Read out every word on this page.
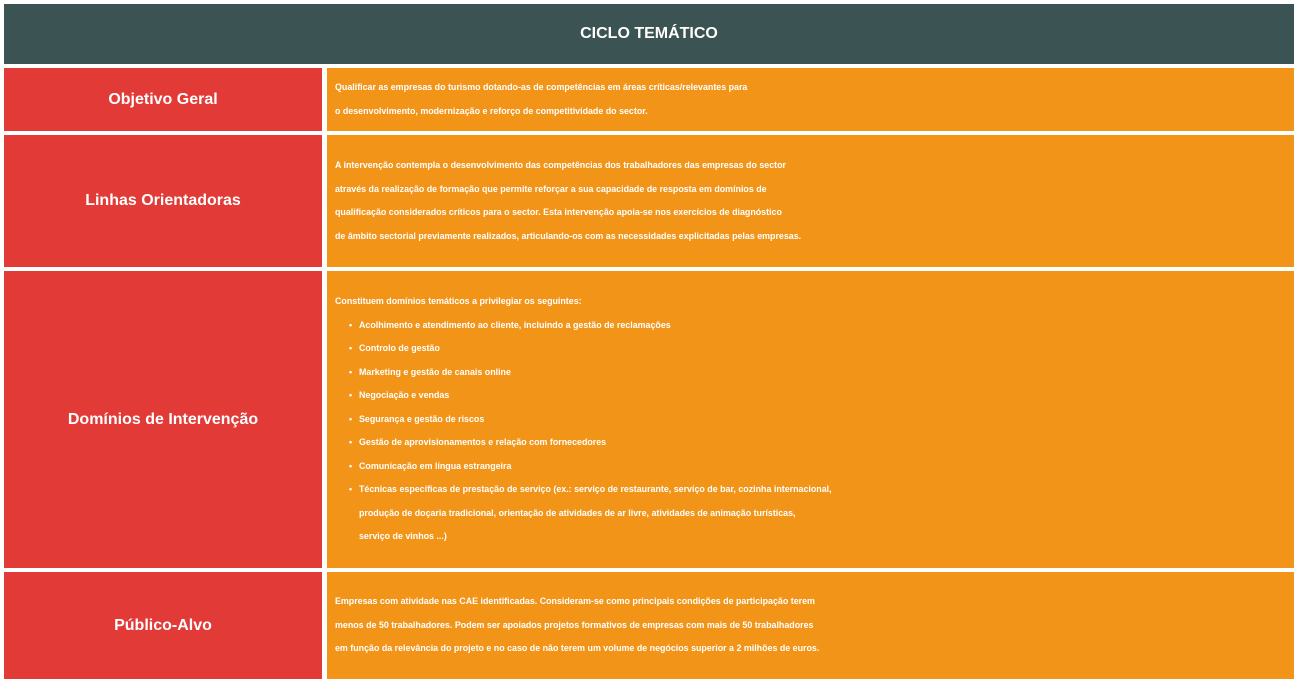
CICLO TEMÁTICO
Objetivo Geral
Qualificar as empresas do turismo dotando-as de competências em áreas críticas/relevantes para
o desenvolvimento, modernização e reforço de competitividade do sector.
Linhas Orientadoras
A intervenção contempla o desenvolvimento das competências dos trabalhadores das empresas do sector
através da realização de formação que permite reforçar a sua capacidade de resposta em domínios de
qualificação considerados críticos para o sector. Esta intervenção apoia-se nos exercícios de diagnóstico
de âmbito sectorial previamente realizados, articulando-os com as necessidades explicitadas pelas empresas.
Domínios de Intervenção
Constituem domínios temáticos a privilegiar os seguintes:
• Acolhimento e atendimento ao cliente, incluindo a gestão de reclamações
• Controlo de gestão
• Marketing e gestão de canais online
• Negociação e vendas
• Segurança e gestão de riscos
• Gestão de aprovisionamentos e relação com fornecedores
• Comunicação em língua estrangeira
• Técnicas específicas de prestação de serviço (ex.: serviço de restaurante, serviço de bar, cozinha internacional,
produção de doçaria tradicional, orientação de atividades de ar livre, atividades de animação turísticas,
serviço de vinhos ...)
Público-Alvo
Empresas com atividade nas CAE identificadas. Consideram-se como principais condições de participação terem
menos de 50 trabalhadores. Podem ser apoiados projetos formativos de empresas com mais de 50 trabalhadores
em função da relevância do projeto e no caso de não terem um volume de negócios superior a 2 milhões de euros.
